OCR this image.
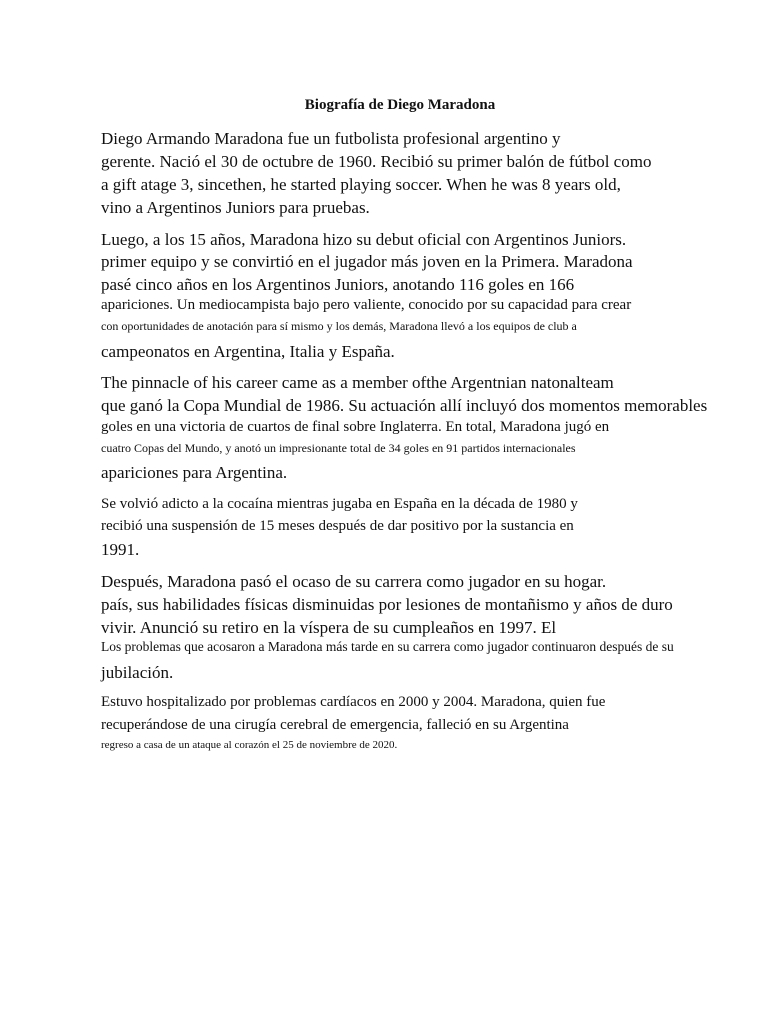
Biografía de Diego Maradona
Diego Armando Maradona fue un futbolista profesional argentino y
gerente. Nació el 30 de octubre de 1960. Recibió su primer balón de fútbol como
a gift atage 3, sincethen, he started playing soccer. When he was 8 years old,
vino a Argentinos Juniors para pruebas.
Luego, a los 15 años, Maradona hizo su debut oficial con Argentinos Juniors.
primer equipo y se convirtió en el jugador más joven en la Primera. Maradona
pasé cinco años en los Argentinos Juniors, anotando 116 goles en 166
apariciones. Un mediocampista bajo pero valiente, conocido por su capacidad para crear
con oportunidades de anotación para sí mismo y los demás, Maradona llevó a los equipos de club a
campeonatos en Argentina, Italia y España.
The pinnacle of his career came as a member ofthe Argentnian natonalteam
que ganó la Copa Mundial de 1986. Su actuación allí incluyó dos momentos memorables
goles en una victoria de cuartos de final sobre Inglaterra. En total, Maradona jugó en
cuatro Copas del Mundo, y anotó un impresionante total de 34 goles en 91 partidos internacionales
apariciones para Argentina.
Se volvió adicto a la cocaína mientras jugaba en España en la década de 1980 y
recibió una suspensión de 15 meses después de dar positivo por la sustancia en
1991.
Después, Maradona pasó el ocaso de su carrera como jugador en su hogar.
país, sus habilidades físicas disminuidas por lesiones de montañismo y años de duro
vivir. Anunció su retiro en la víspera de su cumpleaños en 1997. El
Los problemas que acosaron a Maradona más tarde en su carrera como jugador continuaron después de su
jubilación.
Estuvo hospitalizado por problemas cardíacos en 2000 y 2004. Maradona, quien fue
recuperándose de una cirugía cerebral de emergencia, falleció en su Argentina
regreso a casa de un ataque al corazón el 25 de noviembre de 2020.
